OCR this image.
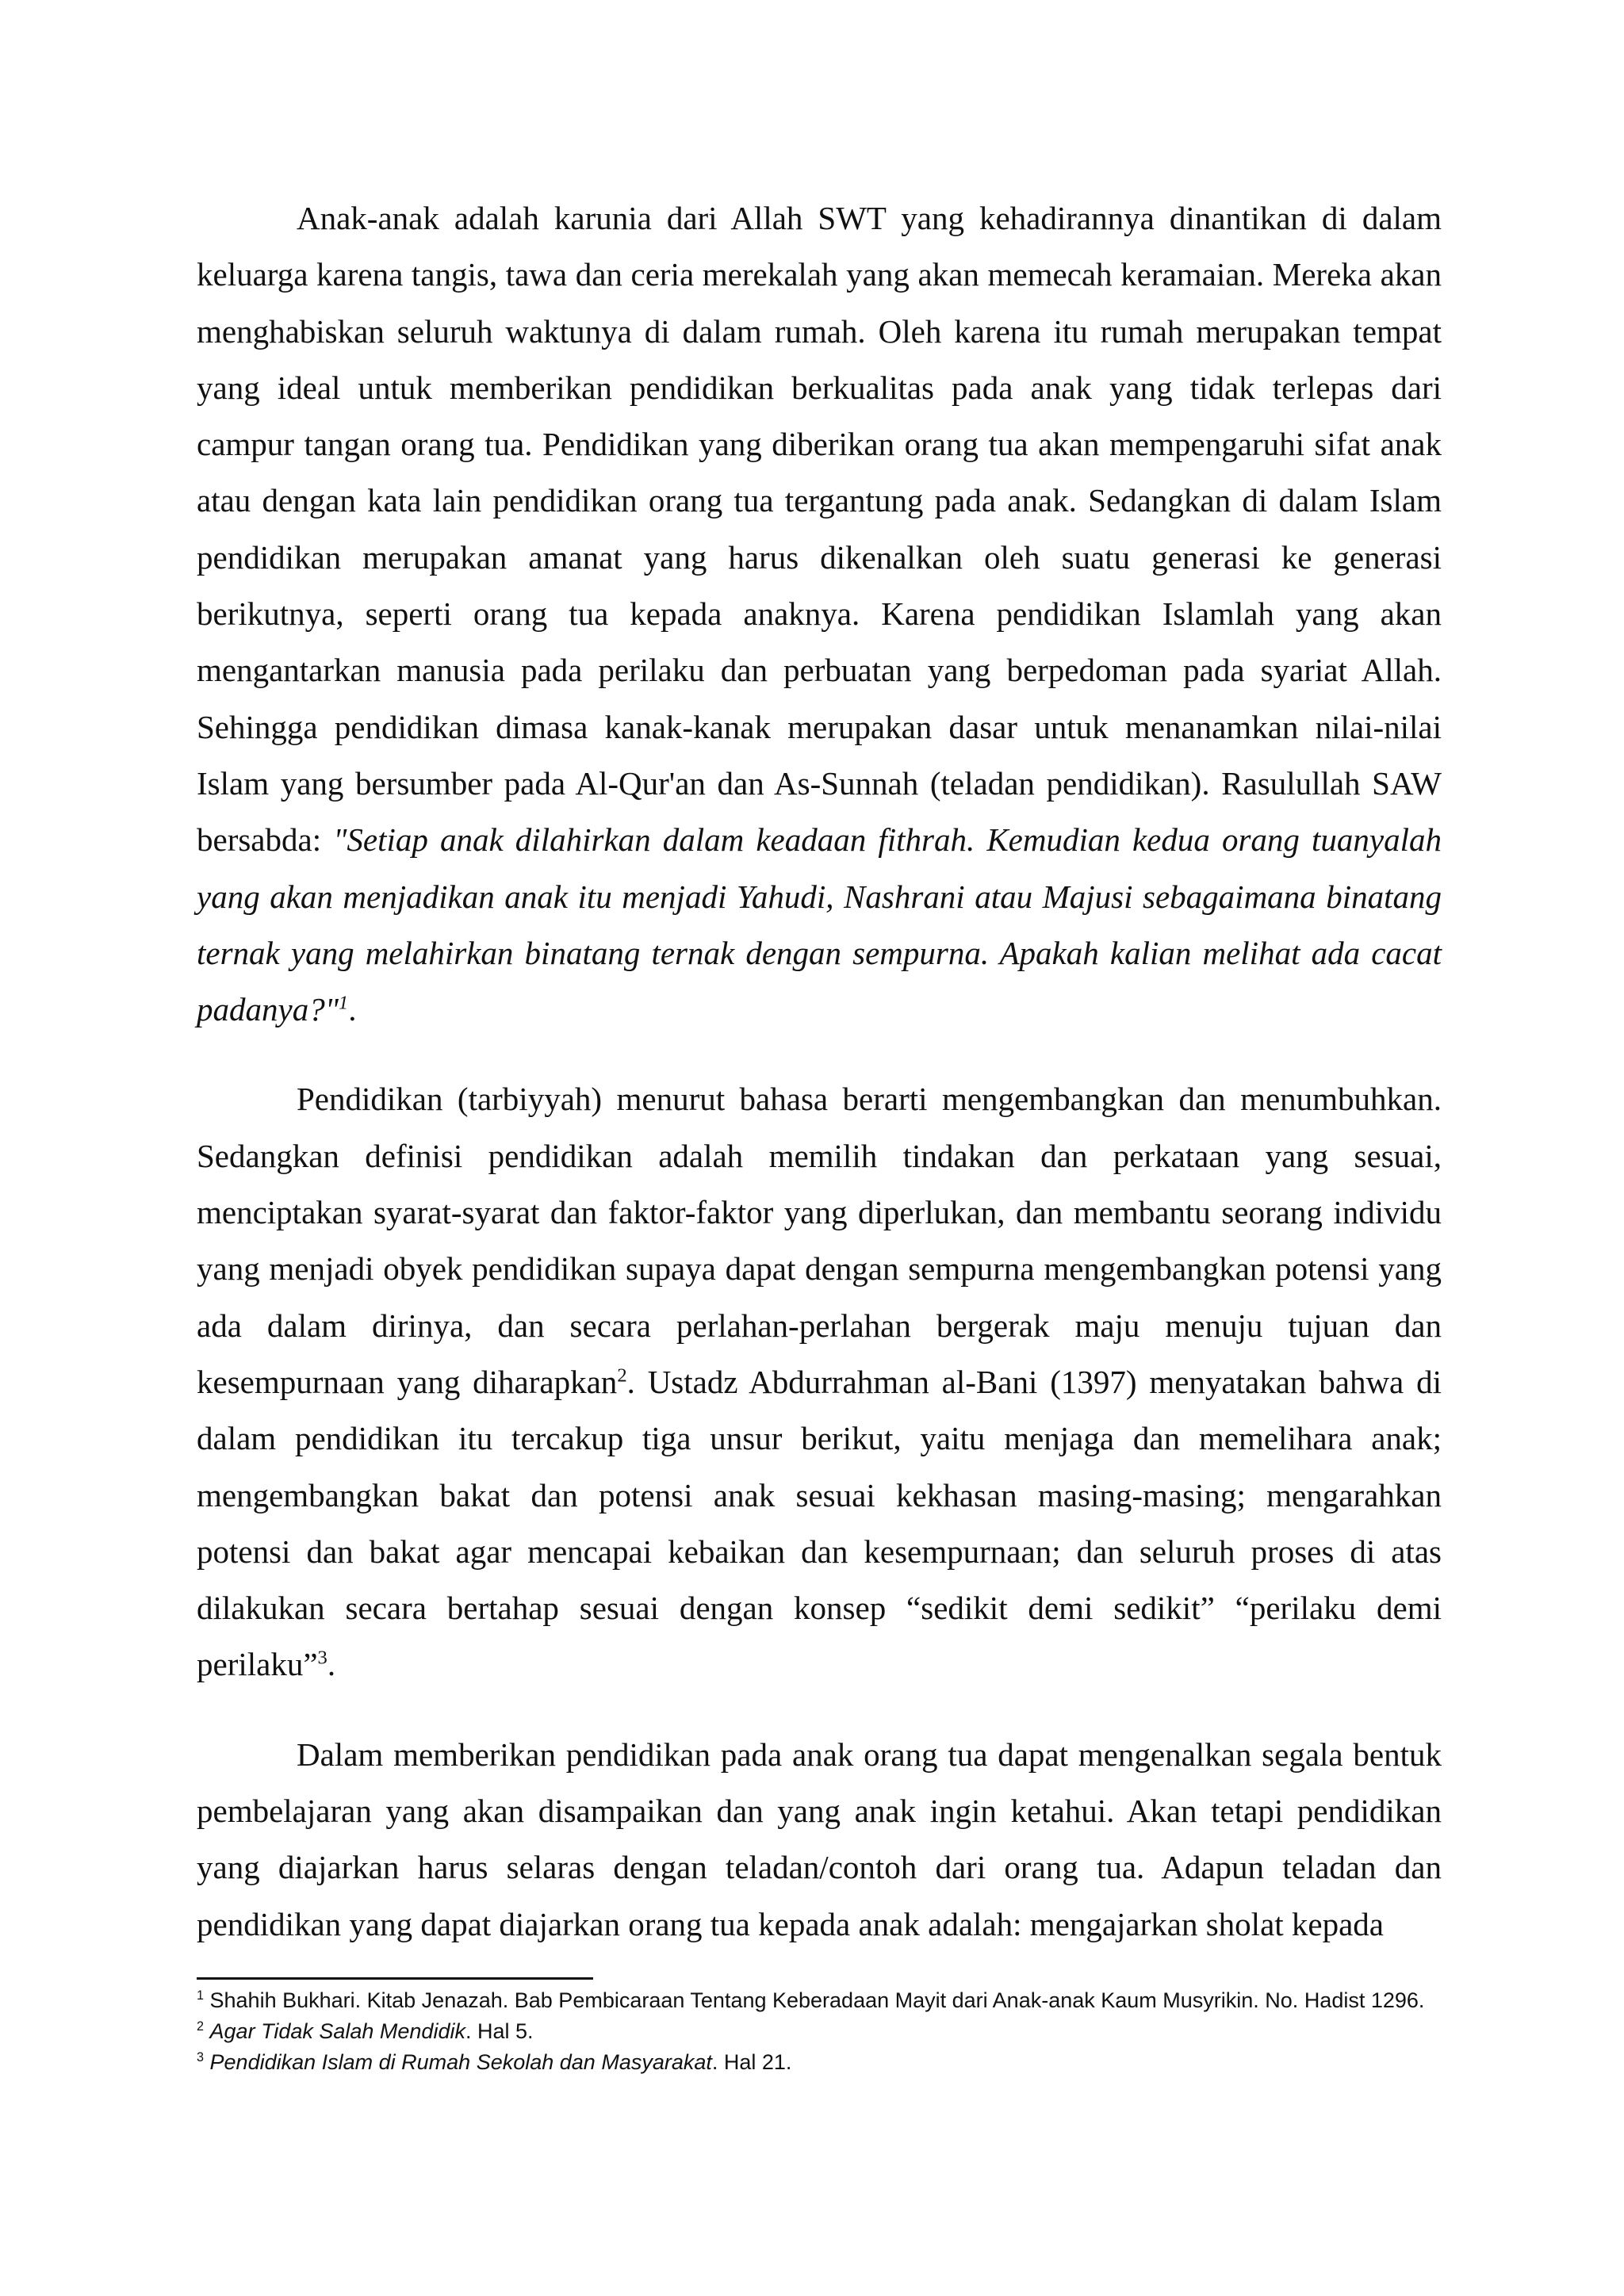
Anak-anak adalah karunia dari Allah SWT yang kehadirannya dinantikan di dalam keluarga karena tangis, tawa dan ceria merekalah yang akan memecah keramaian. Mereka akan menghabiskan seluruh waktunya di dalam rumah. Oleh karena itu rumah merupakan tempat yang ideal untuk memberikan pendidikan berkualitas pada anak yang tidak terlepas dari campur tangan orang tua. Pendidikan yang diberikan orang tua akan mempengaruhi sifat anak atau dengan kata lain pendidikan orang tua tergantung pada anak. Sedangkan di dalam Islam pendidikan merupakan amanat yang harus dikenalkan oleh suatu generasi ke generasi berikutnya, seperti orang tua kepada anaknya. Karena pendidikan Islamlah yang akan mengantarkan manusia pada perilaku dan perbuatan yang berpedoman pada syariat Allah. Sehingga pendidikan dimasa kanak-kanak merupakan dasar untuk menanamkan nilai-nilai Islam yang bersumber pada Al-Qur'an dan As-Sunnah (teladan pendidikan). Rasulullah SAW bersabda: "Setiap anak dilahirkan dalam keadaan fithrah. Kemudian kedua orang tuanyalah yang akan menjadikan anak itu menjadi Yahudi, Nashrani atau Majusi sebagaimana binatang ternak yang melahirkan binatang ternak dengan sempurna. Apakah kalian melihat ada cacat padanya?"$^1$.

Pendidikan (tarbiyyah) menurut bahasa berarti mengembangkan dan menumbuhkan. Sedangkan definisi pendidikan adalah memilih tindakan dan perkataan yang sesuai, menciptakan syarat-syarat dan faktor-faktor yang diperlukan, dan membantu seorang individu yang menjadi obyek pendidikan supaya dapat dengan sempurna mengembangkan potensi yang ada dalam dirinya, dan secara perlahan-perlahan bergerak maju menuju tujuan dan kesempurnaan yang diharapkan$^2$. Ustadz Abdurrahman al-Bani (1397) menyatakan bahwa di dalam pendidikan itu tercakup tiga unsur berikut, yaitu menjaga dan memelihara anak; mengembangkan bakat dan potensi anak sesuai kekhasan masing-masing; mengarahkan potensi dan bakat agar mencapai kebaikan dan kesempurnaan; dan seluruh proses di atas dilakukan secara bertahap sesuai dengan konsep “sedikit demi sedikit” “perilaku demi perilaku”$^3$.

Dalam memberikan pendidikan pada anak orang tua dapat mengenalkan segala bentuk pembelajaran yang akan disampaikan dan yang anak ingin ketahui. Akan tetapi pendidikan yang diajarkan harus selaras dengan teladan/contoh dari orang tua. Adapun teladan dan pendidikan yang dapat diajarkan orang tua kepada anak adalah: mengajarkan sholat kepada

$^1$ Shahih Bukhari. Kitab Jenazah. Bab Pembicaraan Tentang Keberadaan Mayit dari Anak-anak Kaum Musyrikin. No. Hadist 1296.

$^2$ Agar Tidak Salah Mendidik. Hal 5.

$^3$ Pendidikan Islam di Rumah Sekolah dan Masyarakat. Hal 21.
